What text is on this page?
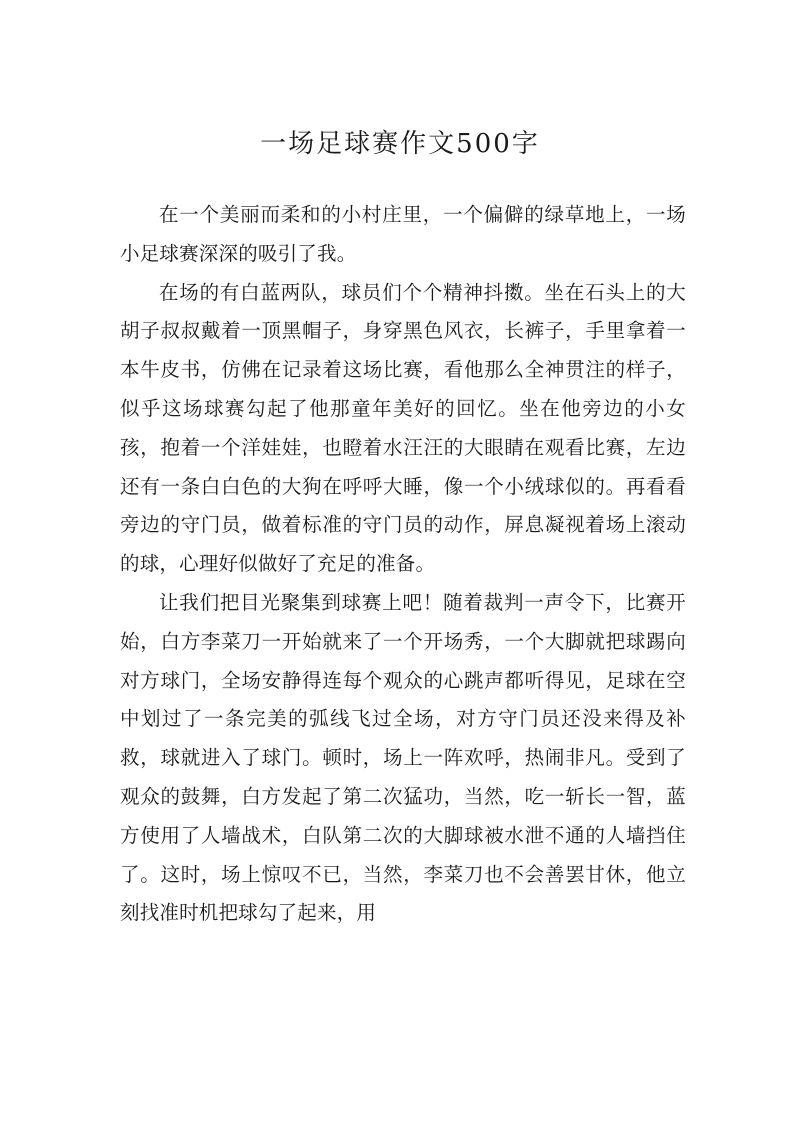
一场足球赛作文500字

在一个美丽而柔和的小村庄里，一个偏僻的绿草地上，一场小足球赛深深的吸引了我。

在场的有白蓝两队，球员们个个精神抖擞。坐在石头上的大胡子叔叔戴着一顶黑帽子，身穿黑色风衣，长裤子，手里拿着一本牛皮书，仿佛在记录着这场比赛，看他那么全神贯注的样子，似乎这场球赛勾起了他那童年美好的回忆。坐在他旁边的小女孩，抱着一个洋娃娃，也瞪着水汪汪的大眼睛在观看比赛，左边还有一条白白色的大狗在呼呼大睡，像一个小绒球似的。再看看旁边的守门员，做着标准的守门员的动作，屏息凝视着场上滚动的球，心理好似做好了充足的准备。

让我们把目光聚集到球赛上吧！随着裁判一声令下，比赛开始，白方李菜刀一开始就来了一个开场秀，一个大脚就把球踢向对方球门，全场安静得连每个观众的心跳声都听得见，足球在空中划过了一条完美的弧线飞过全场，对方守门员还没来得及补救，球就进入了球门。顿时，场上一阵欢呼，热闹非凡。受到了观众的鼓舞，白方发起了第二次猛功，当然，吃一斩长一智，蓝方使用了人墙战术，白队第二次的大脚球被水泄不通的人墙挡住了。这时，场上惊叹不已，当然，李菜刀也不会善罢甘休，他立刻找准时机把球勾了起来，用
